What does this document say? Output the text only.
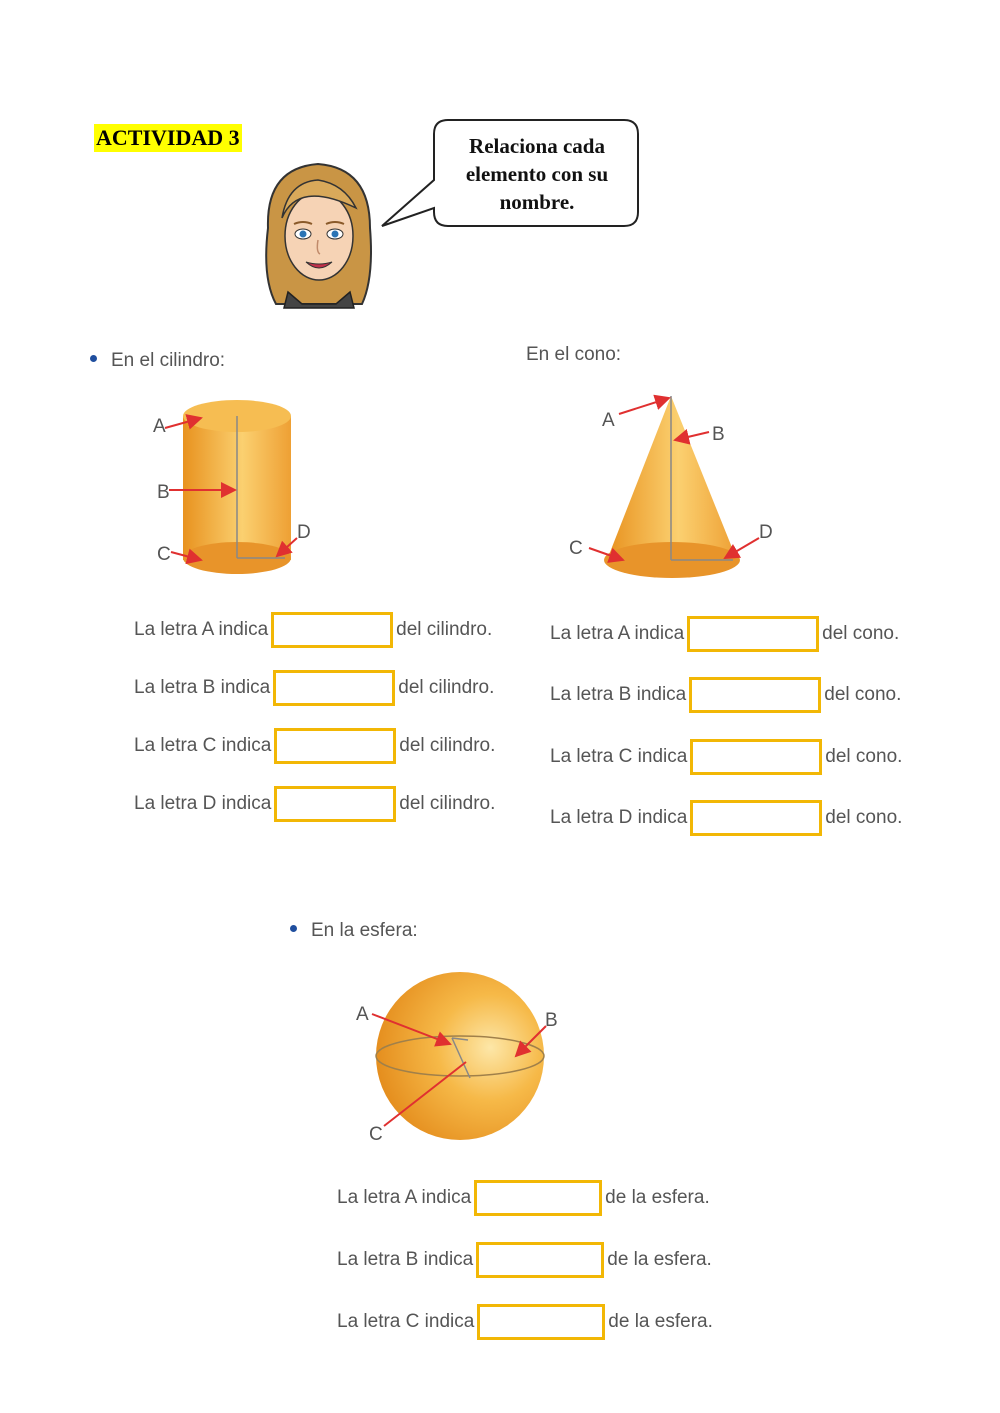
ACTIVIDAD 3	Relaciona cada elemento con su nombre.
En el cilindro:
A
B
C
D
La letra A indica	del cilindro.
La letra B indica	del cilindro.
La letra C indica	del cilindro.
La letra D indica	del cilindro.
En el cono:
A
B
C
D
La letra A indica	del cono.
La letra B indica	del cono.
La letra C indica	del cono.
La letra D indica	del cono.
En la esfera:
A	B
C
La letra A indica	de la esfera.
La letra B indica	de la esfera.
La letra C indica	de la esfera.
